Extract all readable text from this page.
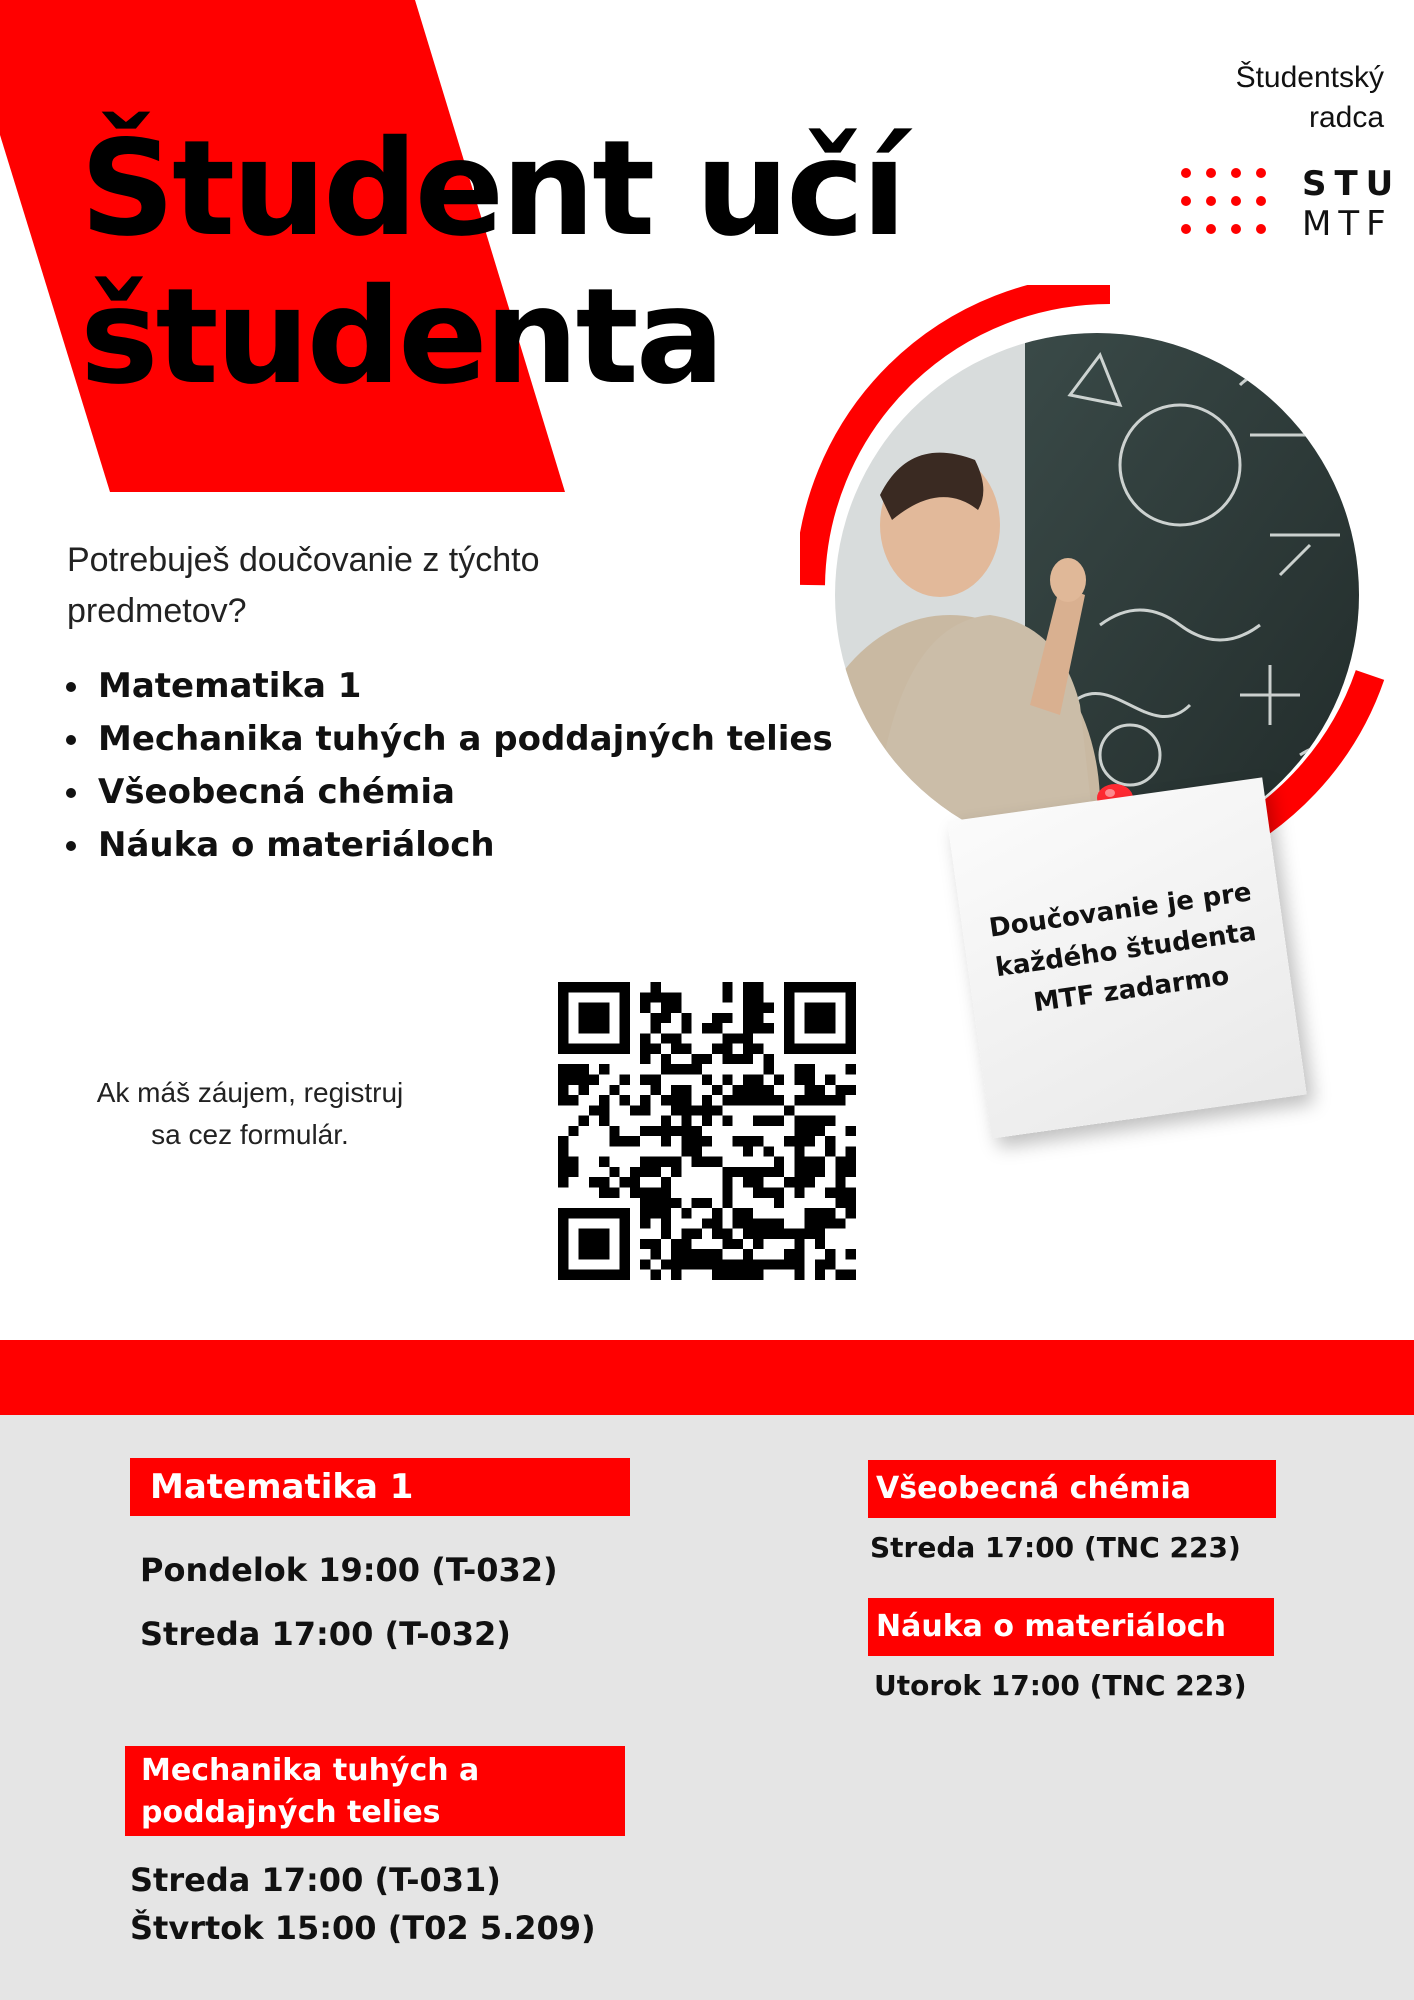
Študent učí
študenta
Študentský
radca
STU
MTF

Potrebuješ doučovanie z týchto predmetov?

Matematika 1
Mechanika tuhých a poddajných telies
Všeobecná chémia
Náuka o materiáloch
Doučovanie je pre každého študenta MTF zadarmo
Ak máš záujem, registruj
sa cez formulár.
Matematika 1
Pondelok 19:00 (T-032)
Streda 17:00 (T-032)
Všeobecná chémia
Streda 17:00 (TNC 223)
Náuka o materiáloch
Utorok 17:00 (TNC 223)
Mechanika tuhých a
poddajných telies
Streda 17:00 (T-031)
Štvrtok 15:00 (T02 5.209)
